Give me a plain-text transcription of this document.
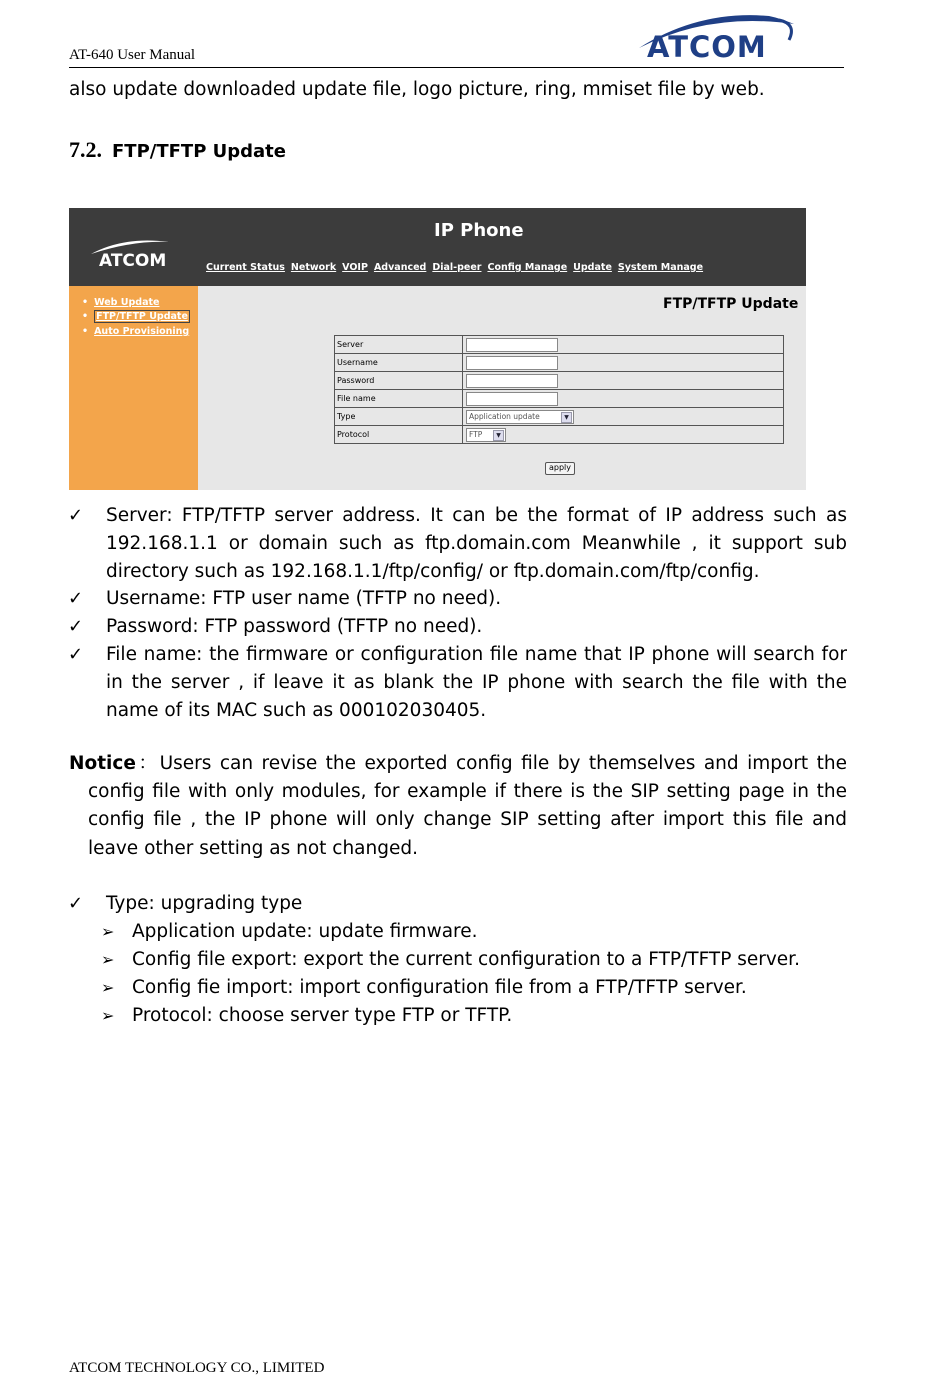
AT-640 User Manual	ATCOM
also update downloaded update file, logo picture, ring, mmiset file by web.
7.2. FTP/TFTP Update
ATCOM
IP Phone
Current Status Network VOIP Advanced Dial-peer Config Manage Update System Manage
• Web Update
• FTP/TFTP Update
• Auto Provisioning
FTP/TFTP Update
Server	
Username	
Password	
File name	
Type	Application update ▼

Protocol	FTP ▼
apply
✓ Server: FTP/TFTP server address. It can be the format of IP address such as 192.168.1.1 or domain such as ftp.domain.com Meanwhile , it support sub directory such as 192.168.1.1/ftp/config/ or ftp.domain.com/ftp/config.
✓ Username: FTP user name (TFTP no need).
✓ Password: FTP password (TFTP no need).
✓ File name: the firmware or configuration file name that IP phone will search for in the server , if leave it as blank the IP phone with search the file with the name of its MAC such as 000102030405.
Notice：Users can revise the exported config file by themselves and import the
config file with only modules, for example if there is the SIP setting page in the config file , the IP phone will only change SIP setting after import this file and leave other setting as not changed.
✓ Type: upgrading type
➢ Application update: update firmware.
➢ Config file export: export the current configuration to a FTP/TFTP server.
➢ Config fie import: import configuration file from a FTP/TFTP server.
➢ Protocol: choose server type FTP or TFTP.
ATCOM TECHNOLOGY CO., LIMITED
